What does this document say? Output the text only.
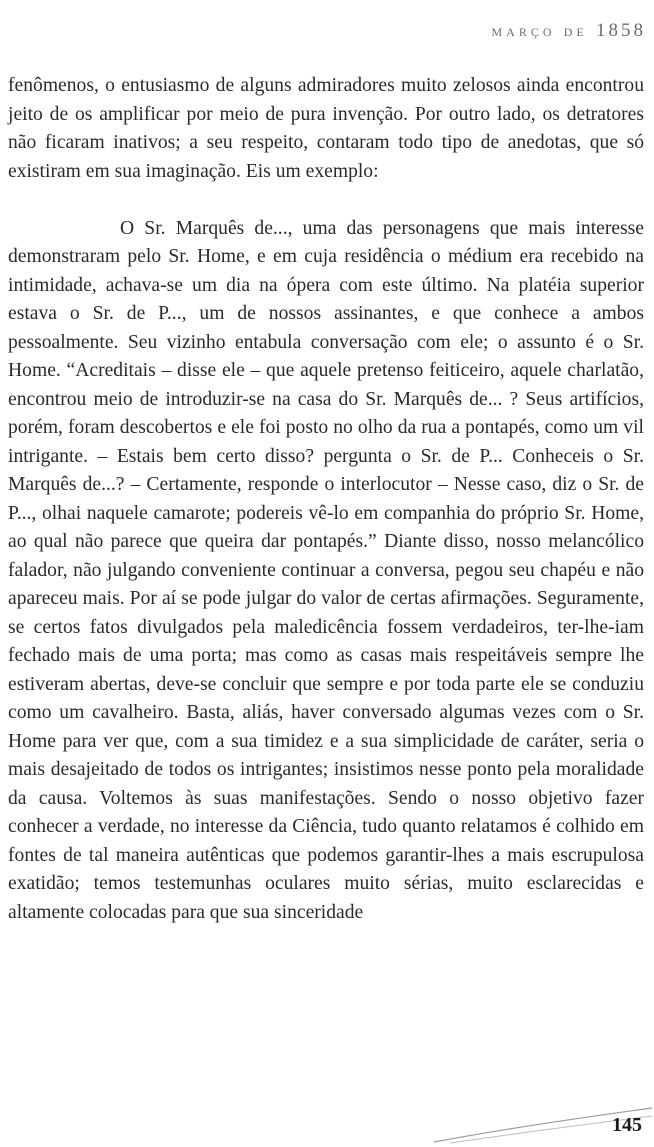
março de 1858

fenômenos, o entusiasmo de alguns admiradores muito zelosos ainda encontrou jeito de os amplificar por meio de pura invenção. Por outro lado, os detratores não ficaram inativos; a seu respeito, contaram todo tipo de anedotas, que só existiram em sua imaginação. Eis um exemplo:

O Sr. Marquês de..., uma das personagens que mais interesse demonstraram pelo Sr. Home, e em cuja residência o médium era recebido na intimidade, achava-se um dia na ópera com este último. Na platéia superior estava o Sr. de P..., um de nossos assinantes, e que conhece a ambos pessoalmente. Seu vizinho entabula conversação com ele; o assunto é o Sr. Home. “Acreditais – disse ele – que aquele pretenso feiticeiro, aquele charlatão, encontrou meio de introduzir-se na casa do Sr. Marquês de... ? Seus artifícios, porém, foram descobertos e ele foi posto no olho da rua a pontapés, como um vil intrigante. – Estais bem certo disso? pergunta o Sr. de P... Conheceis o Sr. Marquês de...? – Certamente, responde o interlocutor – Nesse caso, diz o Sr. de P..., olhai naquele camarote; podereis vê-lo em companhia do próprio Sr. Home, ao qual não parece que queira dar pontapés.” Diante disso, nosso melancólico falador, não julgando conveniente continuar a conversa, pegou seu chapéu e não apareceu mais. Por aí se pode julgar do valor de certas afirmações. Seguramente, se certos fatos divulgados pela maledicência fossem verdadeiros, ter-lhe-iam fechado mais de uma porta; mas como as casas mais respeitáveis sempre lhe estiveram abertas, deve-se concluir que sempre e por toda parte ele se conduziu como um cavalheiro. Basta, aliás, haver conversado algumas vezes com o Sr. Home para ver que, com a sua timidez e a sua simplicidade de caráter, seria o mais desajeitado de todos os intrigantes; insistimos nesse ponto pela moralidade da causa. Voltemos às suas manifestações. Sendo o nosso objetivo fazer conhecer a verdade, no interesse da Ciência, tudo quanto relatamos é colhido em fontes de tal maneira autênticas que podemos garantir-lhes a mais escrupulosa exatidão; temos testemunhas oculares muito sérias, muito esclarecidas e altamente colocadas para que sua sinceridade

145
